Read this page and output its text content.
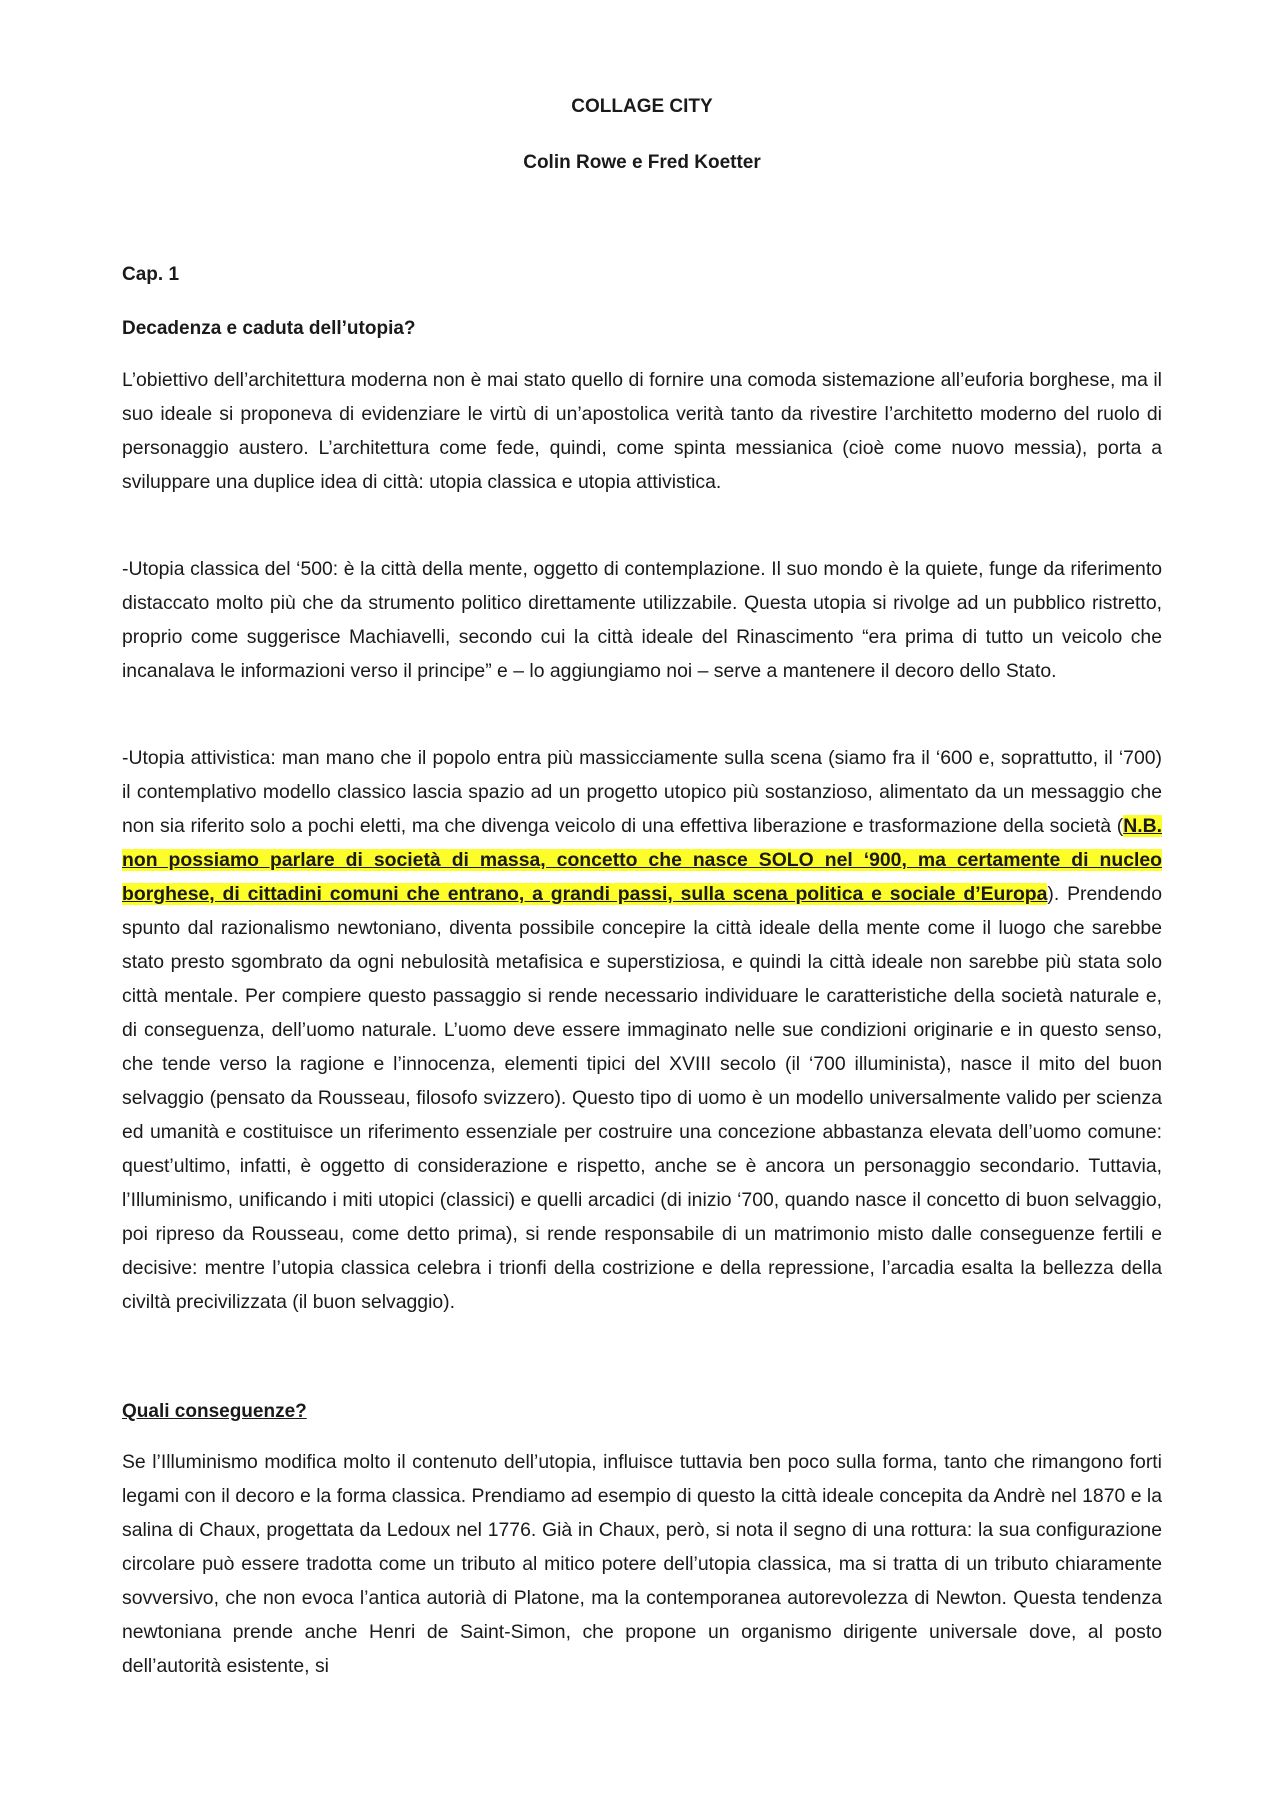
COLLAGE CITY
Colin Rowe e Fred Koetter
Cap. 1
Decadenza e caduta dell’utopia?

L’obiettivo dell’architettura moderna non è mai stato quello di fornire una comoda sistemazione all’euforia borghese, ma il suo ideale si proponeva di evidenziare le virtù di un’apostolica verità tanto da rivestire l’architetto moderno del ruolo di personaggio austero. L’architettura come fede, quindi, come spinta messianica (cioè come nuovo messia), porta a sviluppare una duplice idea di città: utopia classica e utopia attivistica.

-Utopia classica del ‘500: è la città della mente, oggetto di contemplazione. Il suo mondo è la quiete, funge da riferimento distaccato molto più che da strumento politico direttamente utilizzabile. Questa utopia si rivolge ad un pubblico ristretto, proprio come suggerisce Machiavelli, secondo cui la città ideale del Rinascimento “era prima di tutto un veicolo che incanalava le informazioni verso il principe” e – lo aggiungiamo noi – serve a mantenere il decoro dello Stato.

-Utopia attivistica: man mano che il popolo entra più massicciamente sulla scena (siamo fra il ‘600 e, soprattutto, il ‘700) il contemplativo modello classico lascia spazio ad un progetto utopico più sostanzioso, alimentato da un messaggio che non sia riferito solo a pochi eletti, ma che divenga veicolo di una effettiva liberazione e trasformazione della società (N.B. non possiamo parlare di società di massa, concetto che nasce SOLO nel ‘900, ma certamente di nucleo borghese, di cittadini comuni che entrano, a grandi passi, sulla scena politica e sociale d’Europa). Prendendo spunto dal razionalismo newtoniano, diventa possibile concepire la città ideale della mente come il luogo che sarebbe stato presto sgombrato da ogni nebulosità metafisica e superstiziosa, e quindi la città ideale non sarebbe più stata solo città mentale. Per compiere questo passaggio si rende necessario individuare le caratteristiche della società naturale e, di conseguenza, dell’uomo naturale. L’uomo deve essere immaginato nelle sue condizioni originarie e in questo senso, che tende verso la ragione e l’innocenza, elementi tipici del XVIII secolo (il ‘700 illuminista), nasce il mito del buon selvaggio (pensato da Rousseau, filosofo svizzero). Questo tipo di uomo è un modello universalmente valido per scienza ed umanità e costituisce un riferimento essenziale per costruire una concezione abbastanza elevata dell’uomo comune: quest’ultimo, infatti, è oggetto di considerazione e rispetto, anche se è ancora un personaggio secondario. Tuttavia, l’Illuminismo, unificando i miti utopici (classici) e quelli arcadici (di inizio ‘700, quando nasce il concetto di buon selvaggio, poi ripreso da Rousseau, come detto prima), si rende responsabile di un matrimonio misto dalle conseguenze fertili e decisive: mentre l’utopia classica celebra i trionfi della costrizione e della repressione, l’arcadia esalta la bellezza della civiltà precivilizzata (il buon selvaggio).

Quali conseguenze?

Se l’Illuminismo modifica molto il contenuto dell’utopia, influisce tuttavia ben poco sulla forma, tanto che rimangono forti legami con il decoro e la forma classica. Prendiamo ad esempio di questo la città ideale concepita da Andrè nel 1870 e la salina di Chaux, progettata da Ledoux nel 1776. Già in Chaux, però, si nota il segno di una rottura: la sua configurazione circolare può essere tradotta come un tributo al mitico potere dell’utopia classica, ma si tratta di un tributo chiaramente sovversivo, che non evoca l’antica autorià di Platone, ma la contemporanea autorevolezza di Newton. Questa tendenza newtoniana prende anche Henri de Saint-Simon, che propone un organismo dirigente universale dove, al posto dell’autorità esistente, si
